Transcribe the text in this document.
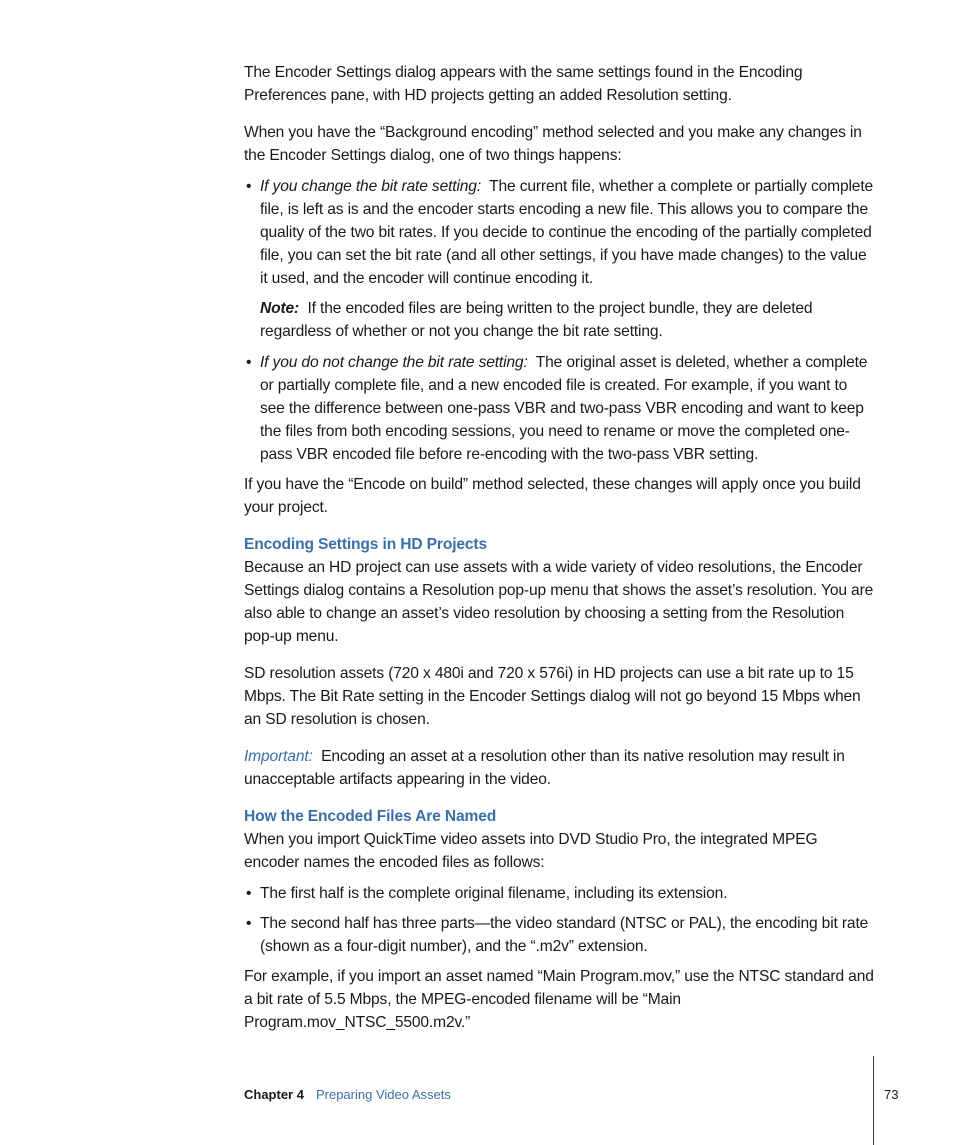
The Encoder Settings dialog appears with the same settings found in the Encoding Preferences pane, with HD projects getting an added Resolution setting.

When you have the “Background encoding” method selected and you make any changes in the Encoder Settings dialog, one of two things happens:

• If you change the bit rate setting: The current file, whether a complete or partially complete file, is left as is and the encoder starts encoding a new file. This allows you to compare the quality of the two bit rates. If you decide to continue the encoding of the partially completed file, you can set the bit rate (and all other settings, if you have made changes) to the value it used, and the encoder will continue encoding it.
Note: If the encoded files are being written to the project bundle, they are deleted regardless of whether or not you change the bit rate setting.
• If you do not change the bit rate setting: The original asset is deleted, whether a complete or partially complete file, and a new encoded file is created. For example, if you want to see the difference between one-pass VBR and two-pass VBR encoding and want to keep the files from both encoding sessions, you need to rename or move the completed one-pass VBR encoded file before re-encoding with the two-pass VBR setting.

If you have the “Encode on build” method selected, these changes will apply once you build your project.

Encoding Settings in HD Projects

Because an HD project can use assets with a wide variety of video resolutions, the Encoder Settings dialog contains a Resolution pop-up menu that shows the asset’s resolution. You are also able to change an asset’s video resolution by choosing a setting from the Resolution pop-up menu.

SD resolution assets (720 x 480i and 720 x 576i) in HD projects can use a bit rate up to 15 Mbps. The Bit Rate setting in the Encoder Settings dialog will not go beyond 15 Mbps when an SD resolution is chosen.

Important: Encoding an asset at a resolution other than its native resolution may result in unacceptable artifacts appearing in the video.

How the Encoded Files Are Named

When you import QuickTime video assets into DVD Studio Pro, the integrated MPEG encoder names the encoded files as follows:

• The first half is the complete original filename, including its extension.
• The second half has three parts—the video standard (NTSC or PAL), the encoding bit rate (shown as a four-digit number), and the “.m2v” extension.

For example, if you import an asset named “Main Program.mov,” use the NTSC standard and a bit rate of 5.5 Mbps, the MPEG-encoded filename will be “Main Program.mov_NTSC_5500.m2v.”

Chapter 4 Preparing Video Assets	73
